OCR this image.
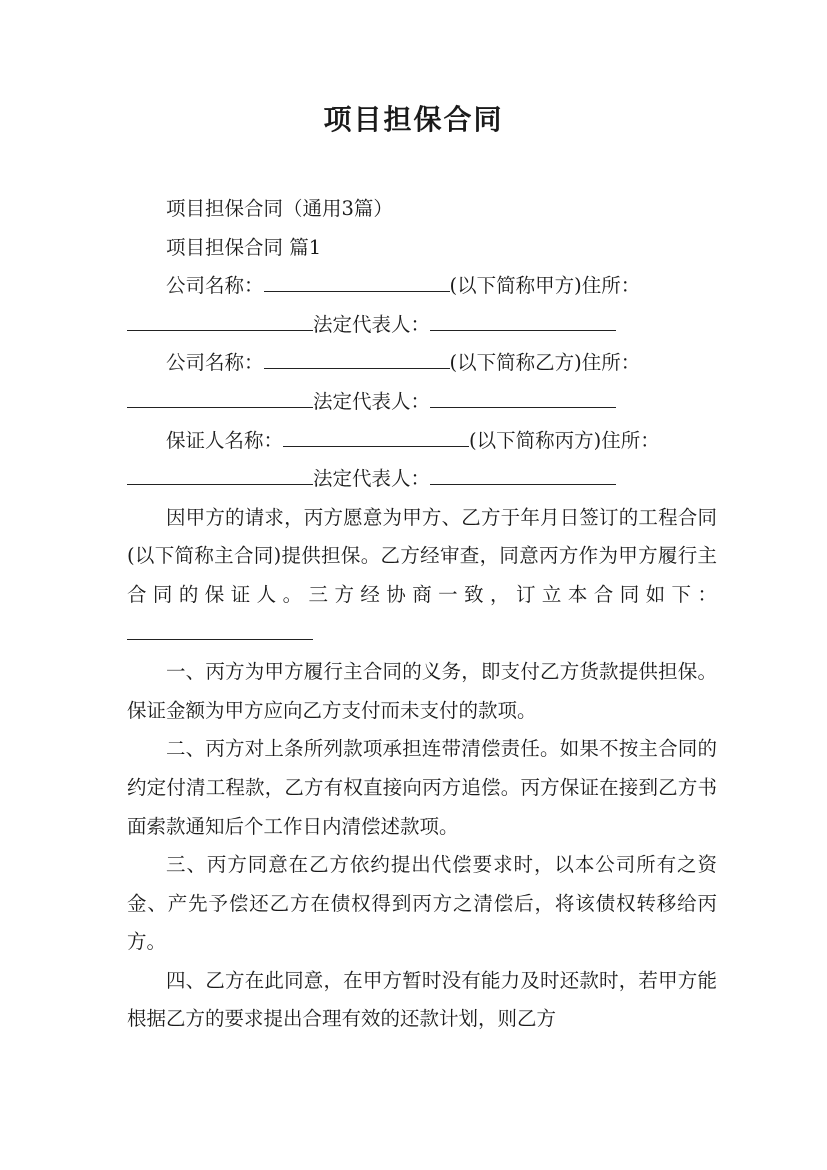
项目担保合同
项目担保合同（通用3篇）
项目担保合同 篇1
公司名称：	(以下简称甲方)住所：
法定代表人：
公司名称：	(以下简称乙方)住所：
法定代表人：
保证人名称：	(以下简称丙方)住所：
法定代表人：

因甲方的请求，丙方愿意为甲方、乙方于年月日签订的工程合同(以下简称主合同)提供担保。乙方经审查，同意丙方作为甲方履行主合同的保证人。三方经协商一致，订立本合同如下：

一、丙方为甲方履行主合同的义务，即支付乙方货款提供担保。保证金额为甲方应向乙方支付而未支付的款项。

二、丙方对上条所列款项承担连带清偿责任。如果不按主合同的约定付清工程款，乙方有权直接向丙方追偿。丙方保证在接到乙方书面索款通知后个工作日内清偿述款项。

三、丙方同意在乙方依约提出代偿要求时，以本公司所有之资金、产先予偿还乙方在债权得到丙方之清偿后，将该债权转移给丙方。

四、乙方在此同意，在甲方暂时没有能力及时还款时，若甲方能根据乙方的要求提出合理有效的还款计划，则乙方
